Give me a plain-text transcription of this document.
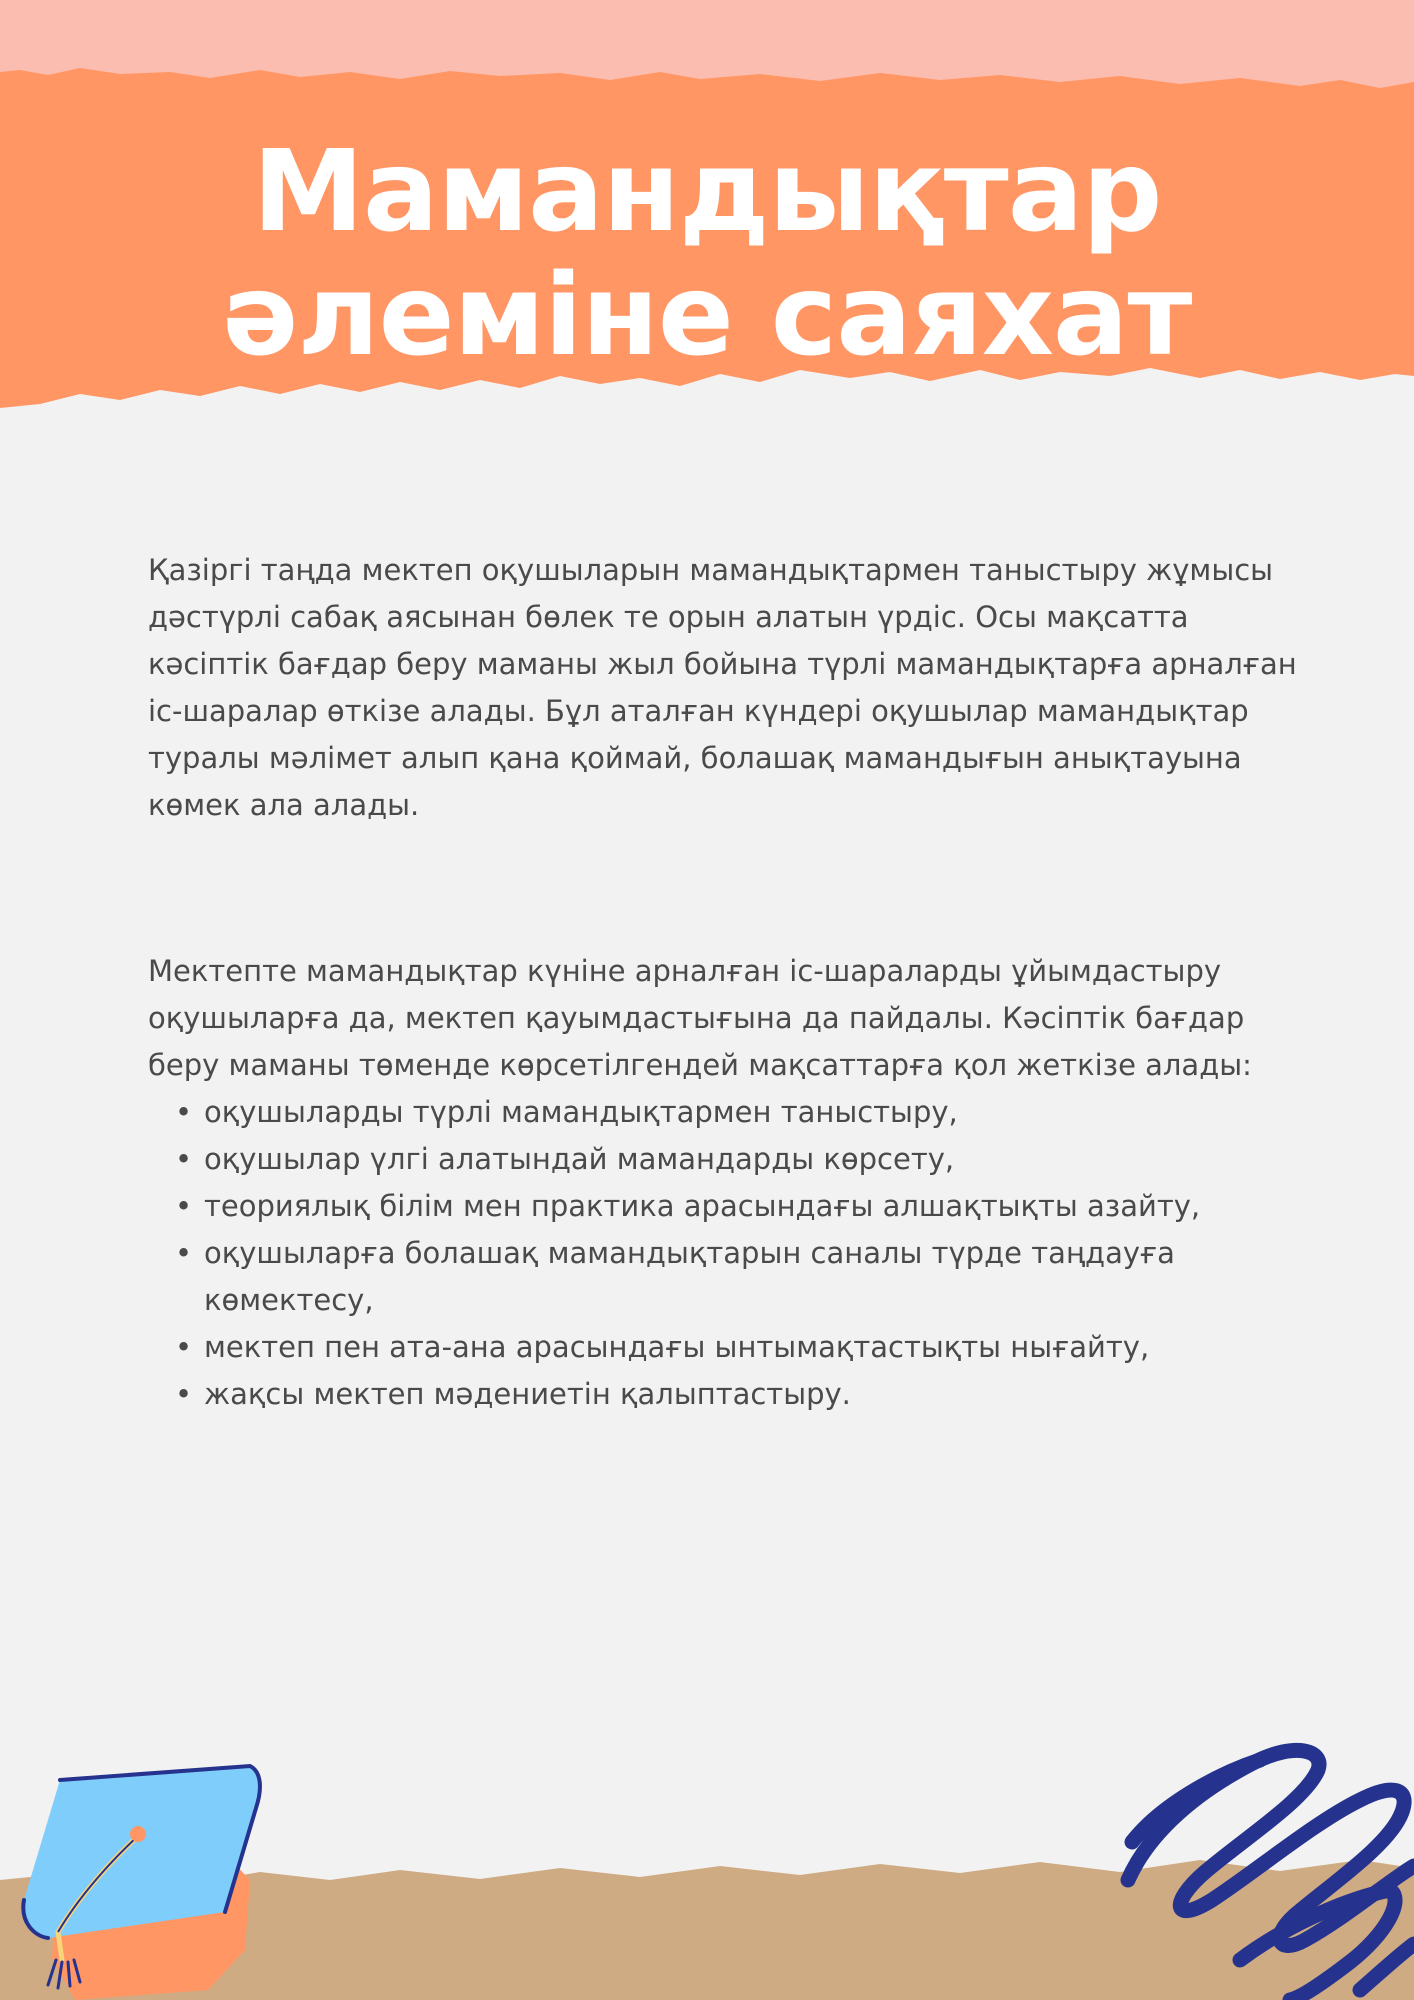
Мамандықтар
әлеміне саяхат

Қазіргі таңда мектеп оқушыларын мамандықтармен таныстыру жұмысы дәстүрлі сабақ аясынан бөлек те орын алатын үрдіс. Осы мақсатта кәсіптік бағдар беру маманы жыл бойына түрлі мамандықтарға арналған іс-шаралар өткізе алады. Бұл аталған күндері оқушылар мамандықтар туралы мәлімет алып қана қоймай, болашақ мамандығын анықтауына көмек ала алады.

Мектепте мамандықтар күніне арналған іс-шараларды ұйымдастыру оқушыларға да, мектеп қауымдастығына да пайдалы. Кәсіптік бағдар беру маманы төменде көрсетілгендей мақсаттарға қол жеткізе алады:

• оқушыларды түрлі мамандықтармен таныстыру,
• оқушылар үлгі алатындай мамандарды көрсету,
• теориялық білім мен практика арасындағы алшақтықты азайту,
• оқушыларға болашақ мамандықтарын саналы түрде таңдауға көмектесу,
• мектеп пен ата-ана арасындағы ынтымақтастықты нығайту,
• жақсы мектеп мәдениетін қалыптастыру.
